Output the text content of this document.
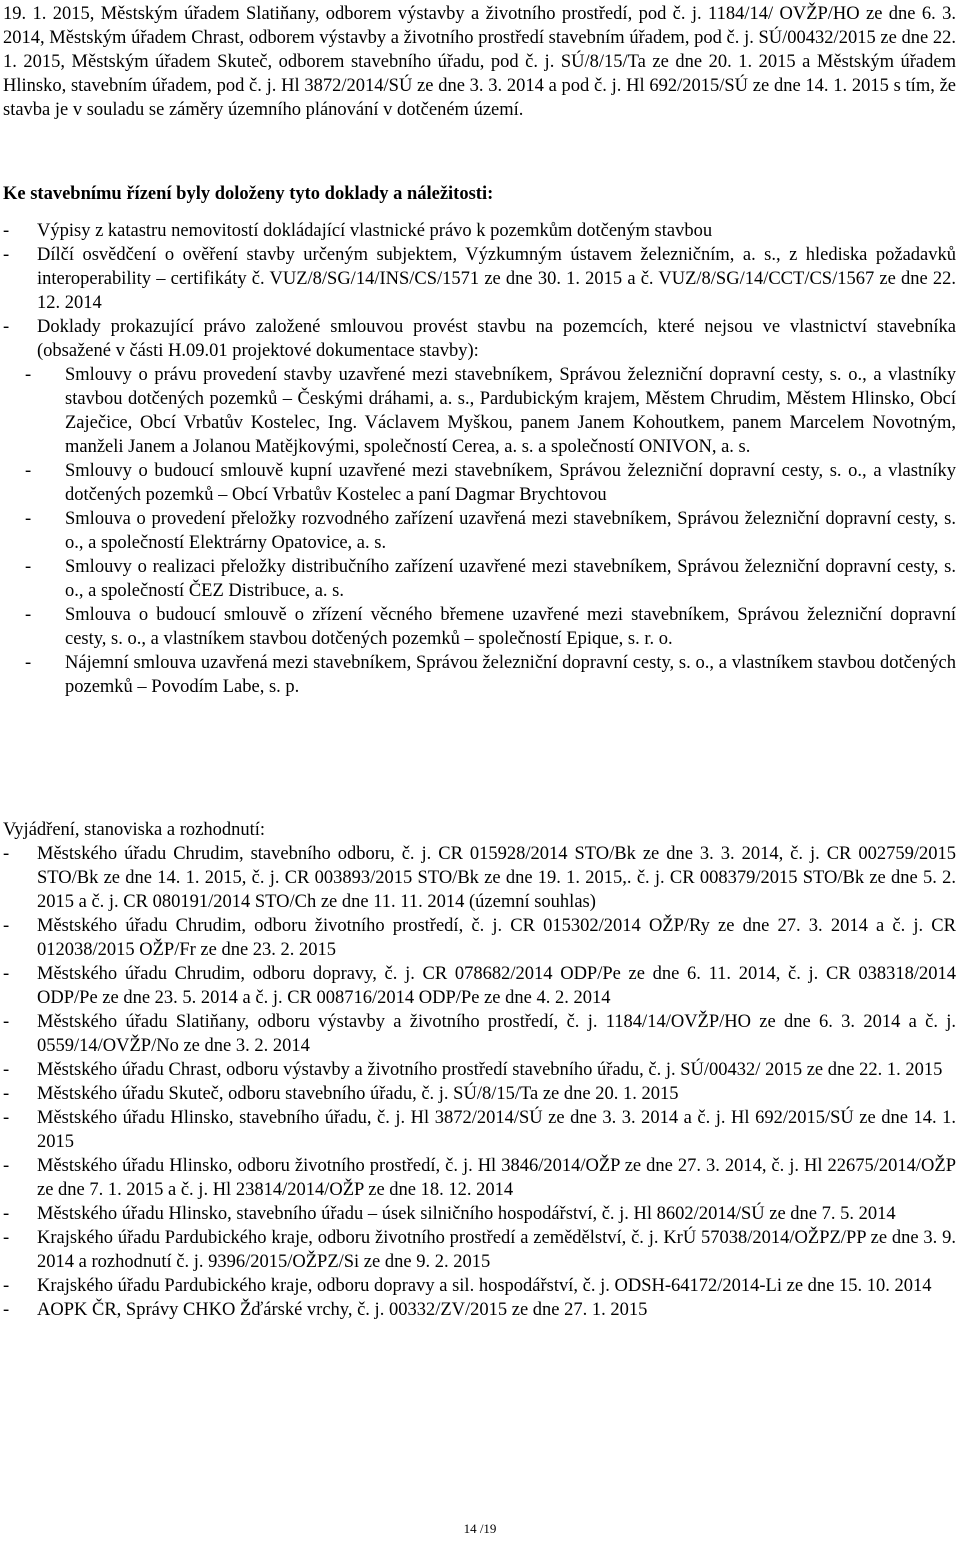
19. 1. 2015, Městským úřadem Slatiňany, odborem výstavby a životního prostředí, pod č. j. 1184/14/ OVŽP/HO ze dne 6. 3. 2014, Městským úřadem Chrast, odborem výstavby a životního prostředí stavebním úřadem, pod č. j. SÚ/00432/2015 ze dne 22. 1. 2015, Městským úřadem Skuteč, odborem stavebního úřadu, pod č. j. SÚ/8/15/Ta ze dne 20. 1. 2015 a Městským úřadem Hlinsko, stavebním úřadem, pod č. j. Hl 3872/2014/SÚ ze dne 3. 3. 2014 a pod č. j. Hl 692/2015/SÚ ze dne 14. 1. 2015 s tím, že stavba je v souladu se záměry územního plánování v dotčeném území.
Ke stavebnímu řízení byly doloženy tyto doklady a náležitosti:
-	Výpisy z katastru nemovitostí dokládající vlastnické právo k pozemkům dotčeným stavbou
-	Dílčí osvědčení o ověření stavby určeným subjektem, Výzkumným ústavem železničním, a. s., z hlediska požadavků interoperability – certifikáty č. VUZ/8/SG/14/INS/CS/1571 ze dne 30. 1. 2015 a č. VUZ/8/SG/14/CCT/CS/1567 ze dne 22. 12. 2014
-	Doklady prokazující právo založené smlouvou provést stavbu na pozemcích, které nejsou ve vlastnictví stavebníka (obsažené v části H.09.01 projektové dokumentace stavby):
-	Smlouvy o právu provedení stavby uzavřené mezi stavebníkem, Správou železniční dopravní cesty, s. o., a vlastníky stavbou dotčených pozemků – Českými dráhami, a. s., Pardubickým krajem, Městem Chrudim, Městem Hlinsko, Obcí Zaječice, Obcí Vrbatův Kostelec, Ing. Václavem Myškou, panem Janem Kohoutkem, panem Marcelem Novotným, manželi Janem a Jolanou Matějkovými, společností Cerea, a. s. a společností ONIVON, a. s.
-	Smlouvy o budoucí smlouvě kupní uzavřené mezi stavebníkem, Správou železniční dopravní cesty, s. o., a vlastníky dotčených pozemků – Obcí Vrbatův Kostelec a paní Dagmar Brychtovou
-	Smlouva o provedení přeložky rozvodného zařízení uzavřená mezi stavebníkem, Správou železniční dopravní cesty, s. o., a společností Elektrárny Opatovice, a. s.
-	Smlouvy o realizaci přeložky distribučního zařízení uzavřené mezi stavebníkem, Správou železniční dopravní cesty, s. o., a společností ČEZ Distribuce, a. s.
-	Smlouva o budoucí smlouvě o zřízení věcného břemene uzavřené mezi stavebníkem, Správou železniční dopravní cesty, s. o., a vlastníkem stavbou dotčených pozemků – společností Epique, s. r. o.
-	Nájemní smlouva uzavřená mezi stavebníkem, Správou železniční dopravní cesty, s. o., a vlastníkem stavbou dotčených pozemků – Povodím Labe, s. p.
Vyjádření, stanoviska a rozhodnutí:
-	Městského úřadu Chrudim, stavebního odboru, č. j. CR 015928/2014 STO/Bk ze dne 3. 3. 2014, č. j. CR 002759/2015 STO/Bk ze dne 14. 1. 2015, č. j. CR 003893/2015 STO/Bk ze dne 19. 1. 2015,. č. j. CR 008379/2015 STO/Bk ze dne 5. 2. 2015 a č. j. CR 080191/2014 STO/Ch ze dne 11. 11. 2014 (územní souhlas)
-	Městského úřadu Chrudim, odboru životního prostředí, č. j. CR 015302/2014 OŽP/Ry ze dne 27. 3. 2014 a č. j. CR 012038/2015 OŽP/Fr ze dne 23. 2. 2015
-	Městského úřadu Chrudim, odboru dopravy, č. j. CR 078682/2014 ODP/Pe ze dne 6. 11. 2014, č. j. CR 038318/2014 ODP/Pe ze dne 23. 5. 2014 a č. j. CR 008716/2014 ODP/Pe ze dne 4. 2. 2014
-	Městského úřadu Slatiňany, odboru výstavby a životního prostředí, č. j. 1184/14/OVŽP/HO ze dne 6. 3. 2014 a č. j. 0559/14/OVŽP/No ze dne 3. 2. 2014
-	Městského úřadu Chrast, odboru výstavby a životního prostředí stavebního úřadu, č. j. SÚ/00432/ 2015 ze dne 22. 1. 2015
-	Městského úřadu Skuteč, odboru stavebního úřadu, č. j. SÚ/8/15/Ta ze dne 20. 1. 2015
-	Městského úřadu Hlinsko, stavebního úřadu, č. j. Hl 3872/2014/SÚ ze dne 3. 3. 2014 a č. j. Hl 692/2015/SÚ ze dne 14. 1. 2015
-	Městského úřadu Hlinsko, odboru životního prostředí, č. j. Hl 3846/2014/OŽP ze dne 27. 3. 2014, č. j. Hl 22675/2014/OŽP ze dne 7. 1. 2015 a č. j. Hl 23814/2014/OŽP ze dne 18. 12. 2014
-	Městského úřadu Hlinsko, stavebního úřadu – úsek silničního hospodářství, č. j. Hl 8602/2014/SÚ ze dne 7. 5. 2014
-	Krajského úřadu Pardubického kraje, odboru životního prostředí a zemědělství, č. j. KrÚ 57038/2014/OŽPZ/PP ze dne 3. 9. 2014 a rozhodnutí č. j. 9396/2015/OŽPZ/Si ze dne 9. 2. 2015
-	Krajského úřadu Pardubického kraje, odboru dopravy a sil. hospodářství, č. j. ODSH-64172/2014-Li ze dne 15. 10. 2014
-	AOPK ČR, Správy CHKO Žďárské vrchy, č. j. 00332/ZV/2015 ze dne 27. 1. 2015
14 /19
